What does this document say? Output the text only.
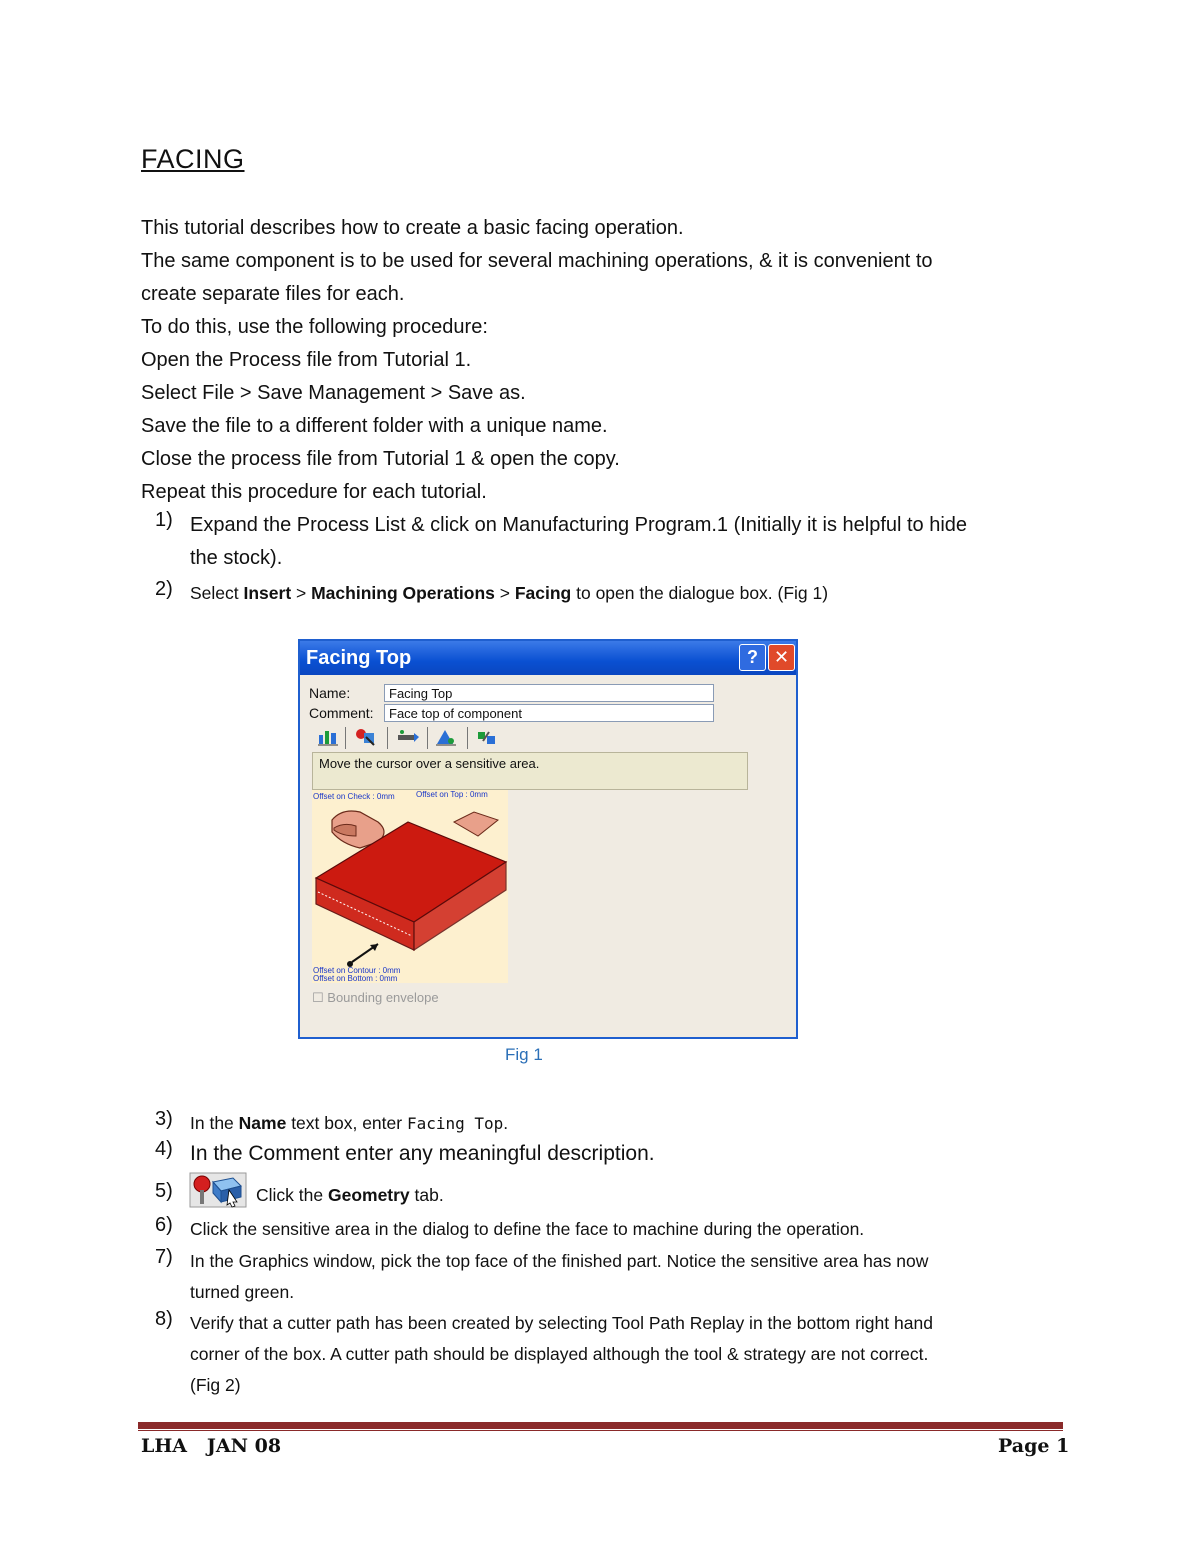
FACING
This tutorial describes how to create a basic facing operation.
The same component is to be used for several machining operations, & it is convenient to
create separate files for each.
To do this, use the following procedure:
Open the Process file from Tutorial 1.
Select File > Save Management > Save as.
Save the file to a different folder with a unique name.
Close the process file from Tutorial 1 & open the copy.
Repeat this procedure for each tutorial.
1) Expand the Process List & click on Manufacturing Program.1 (Initially it is helpful to hide
the stock).
2) Select Insert > Machining Operations > Facing to open the dialogue box. (Fig 1)
Facing Top	? ✕
Name:	Facing Top
Comment:	Face top of component
Move the cursor over a sensitive area.
Offset on Check : 0mm	Offset on Top : 0mm
Offset on Contour : 0mm
Offset on Bottom : 0mm
☐ Bounding envelope
Fig 1
3) In the Name text box, enter Facing Top.
4) In the Comment enter any meaningful description.
5)	Click the Geometry tab.
6) Click the sensitive area in the dialog to define the face to machine during the operation.
7) In the Graphics window, pick the top face of the finished part. Notice the sensitive area has now
turned green.
8) Verify that a cutter path has been created by selecting Tool Path Replay in the bottom right hand
corner of the box. A cutter path should be displayed although the tool & strategy are not correct.
(Fig 2)
LHA   JAN 08	Page 1
